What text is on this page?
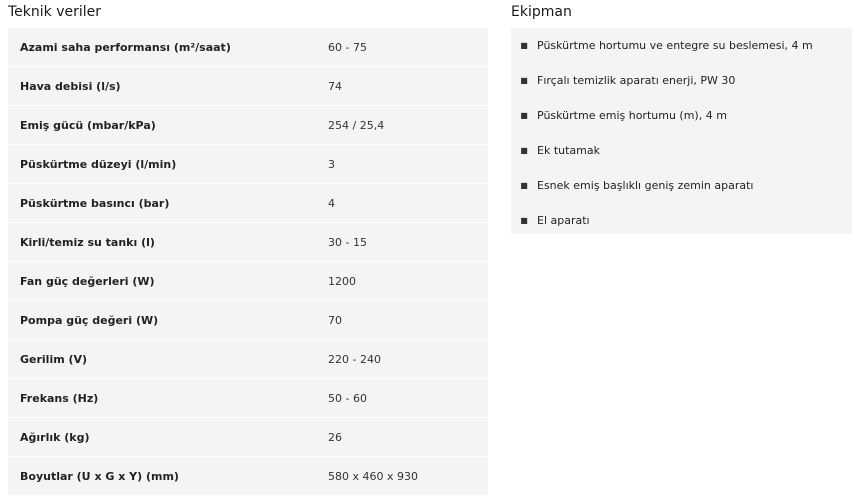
Teknik veriler	Ekipman
Azami saha performansı (m²/saat)	60 - 75
Hava debisi (l/s)	74
Emiş gücü (mbar/kPa)	254 / 25,4
Püskürtme düzeyi (l/min)	3
Püskürtme basıncı (bar)	4
Kirli/temiz su tankı (l)	30 - 15
Fan güç değerleri (W)	1200
Pompa güç değeri (W)	70
Gerilim (V)	220 - 240
Frekans (Hz)	50 - 60
Ağırlık (kg)	26
Boyutlar (U x G x Y) (mm)	580 x 460 x 930
■ Püskürtme hortumu ve entegre su beslemesi, 4 m
■ Fırçalı temizlik aparatı enerji, PW 30
■ Püskürtme emiş hortumu (m), 4 m
■ Ek tutamak
■ Esnek emiş başlıklı geniş zemin aparatı
■ El aparatı
